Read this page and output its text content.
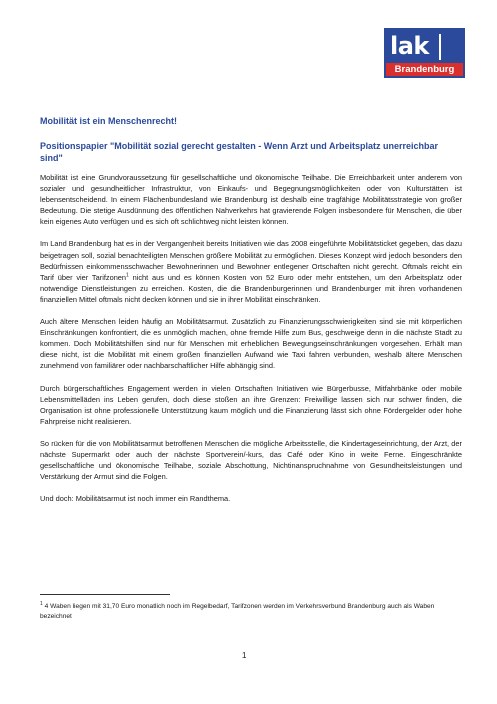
lak
Brandenburg
Mobilität ist ein Menschenrecht!
Positionspapier "Mobilität sozial gerecht gestalten - Wenn Arzt und Arbeitsplatz unerreichbar sind"

Mobilität ist eine Grundvoraussetzung für gesellschaftliche und ökonomische Teilhabe. Die Erreichbarkeit unter anderem von sozialer und gesundheitlicher Infrastruktur, von Einkaufs- und Begegnungsmöglichkeiten oder von Kulturstätten ist lebensentscheidend. In einem Flächenbundesland wie Brandenburg ist deshalb eine tragfähige Mobilitätsstrategie von großer Bedeutung. Die stetige Ausdünnung des öffentlichen Nahverkehrs hat gravierende Folgen insbesondere für Menschen, die über kein eigenes Auto verfügen und es sich oft schlichtweg nicht leisten können.

Im Land Brandenburg hat es in der Vergangenheit bereits Initiativen wie das 2008 eingeführte Mobilitätsticket gegeben, das dazu beigetragen soll, sozial benachteiligten Menschen größere Mobilität zu ermöglichen. Dieses Konzept wird jedoch besonders den Bedürfnissen einkommensschwacher Bewohnerinnen und Bewohner entlegener Ortschaften nicht gerecht. Oftmals reicht ein Tarif über vier Tarifzonen$^1$ nicht aus und es können Kosten von 52 Euro oder mehr entstehen, um den Arbeitsplatz oder notwendige Dienstleistungen zu erreichen. Kosten, die die Brandenburgerinnen und Brandenburger mit ihren vorhandenen finanziellen Mittel oftmals nicht decken können und sie in ihrer Mobilität einschränken.

Auch ältere Menschen leiden häufig an Mobilitätsarmut. Zusätzlich zu Finanzierungsschwierigkeiten sind sie mit körperlichen Einschränkungen konfrontiert, die es unmöglich machen, ohne fremde Hilfe zum Bus, geschweige denn in die nächste Stadt zu kommen. Doch Mobilitätshilfen sind nur für Menschen mit erheblichen Bewegungseinschränkungen vorgesehen. Erhält man diese nicht, ist die Mobilität mit einem großen finanziellen Aufwand wie Taxi fahren verbunden, weshalb ältere Menschen zunehmend von familiärer oder nachbarschaftlicher Hilfe abhängig sind.

Durch bürgerschaftliches Engagement werden in vielen Ortschaften Initiativen wie Bürgerbusse, Mitfahrbänke oder mobile Lebensmittelläden ins Leben gerufen, doch diese stoßen an ihre Grenzen: Freiwillige lassen sich nur schwer finden, die Organisation ist ohne professionelle Unterstützung kaum möglich und die Finanzierung lässt sich ohne Fördergelder oder hohe Fahrpreise nicht realisieren.

So rücken für die von Mobilitätsarmut betroffenen Menschen die mögliche Arbeitsstelle, die Kindertageseinrichtung, der Arzt, der nächste Supermarkt oder auch der nächste Sportverein/-kurs, das Café oder Kino in weite Ferne. Eingeschränkte gesellschaftliche und ökonomische Teilhabe, soziale Abschottung, Nichtinanspruchnahme von Gesundheitsleistungen und Verstärkung der Armut sind die Folgen.

Und doch: Mobilitätsarmut ist noch immer ein Randthema.

$^1$ 4 Waben liegen mit 31,70 Euro monatlich noch im Regelbedarf, Tarifzonen werden im Verkehrsverbund Brandenburg auch als Waben bezeichnet
1
